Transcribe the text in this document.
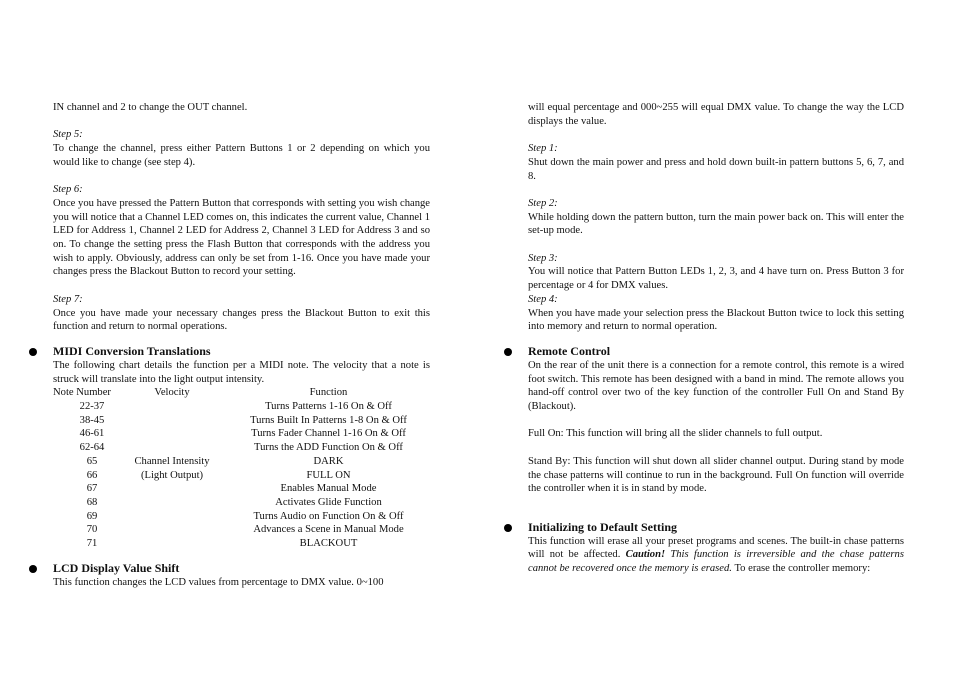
IN channel and 2 to change the OUT channel.

Step 5:

To change the channel, press either Pattern Buttons 1 or 2 depending on which you would like to change (see step 4).

Step 6:

Once you have pressed the Pattern Button that corresponds with setting you wish change you will notice that a Channel LED comes on, this indicates the current value, Channel 1 LED for Address 1, Channel 2 LED for Address 2, Channel 3 LED for Address 3 and so on. To change the setting press the Flash Button that corresponds with the address you wish to apply. Obviously, address can only be set from 1-16. Once you have made your changes press the Blackout Button to record your setting.

Step 7:

Once you have made your necessary changes press the Blackout Button to exit this function and return to normal operations.

MIDI Conversion Translations

The following chart details the function per a MIDI note. The velocity that a note is struck will translate into the light output intensity.

Note Number	Velocity	Function
	22-37		Turns Patterns 1-16 On & Off
	38-45		Turns Built In Patterns 1-8 On & Off
	46-61		Turns Fader Channel 1-16 On & Off
	62-64		Turns the ADD Function On & Off
	65	Channel Intensity	DARK
	66	(Light Output)	FULL ON
	67		Enables Manual Mode
	68		Activates Glide Function
	69		Turns Audio on Function On & Off
	70		Advances a Scene in Manual Mode
	71		BLACKOUT
LCD Display Value Shift

This function changes the LCD values from percentage to DMX value. 0~100

will equal percentage and 000~255 will equal DMX value. To change the way the LCD displays the value.

Step 1:

Shut down the main power and press and hold down built-in pattern buttons 5, 6, 7, and 8.

Step 2:

While holding down the pattern button, turn the main power back on. This will enter the set-up mode.

Step 3:

You will notice that Pattern Button LEDs 1, 2, 3, and 4 have turn on. Press Button 3 for percentage or 4 for DMX values.

Step 4:

When you have made your selection press the Blackout Button twice to lock this setting into memory and return to normal operation.

Remote Control

On the rear of the unit there is a connection for a remote control, this remote is a wired foot switch. This remote has been designed with a band in mind. The remote allows you hand-off control over two of the key function of the controller Full On and Stand By (Blackout).

Full On: This function will bring all the slider channels to full output.

Stand By: This function will shut down all slider channel output. During stand by mode the chase patterns will continue to run in the background. Full On function will override the controller when it is in stand by mode.

Initializing to Default Setting

This function will erase all your preset programs and scenes. The built-in chase patterns will not be affected. Caution! This function is irreversible and the chase patterns cannot be recovered once the memory is erased. To erase the controller memory:
